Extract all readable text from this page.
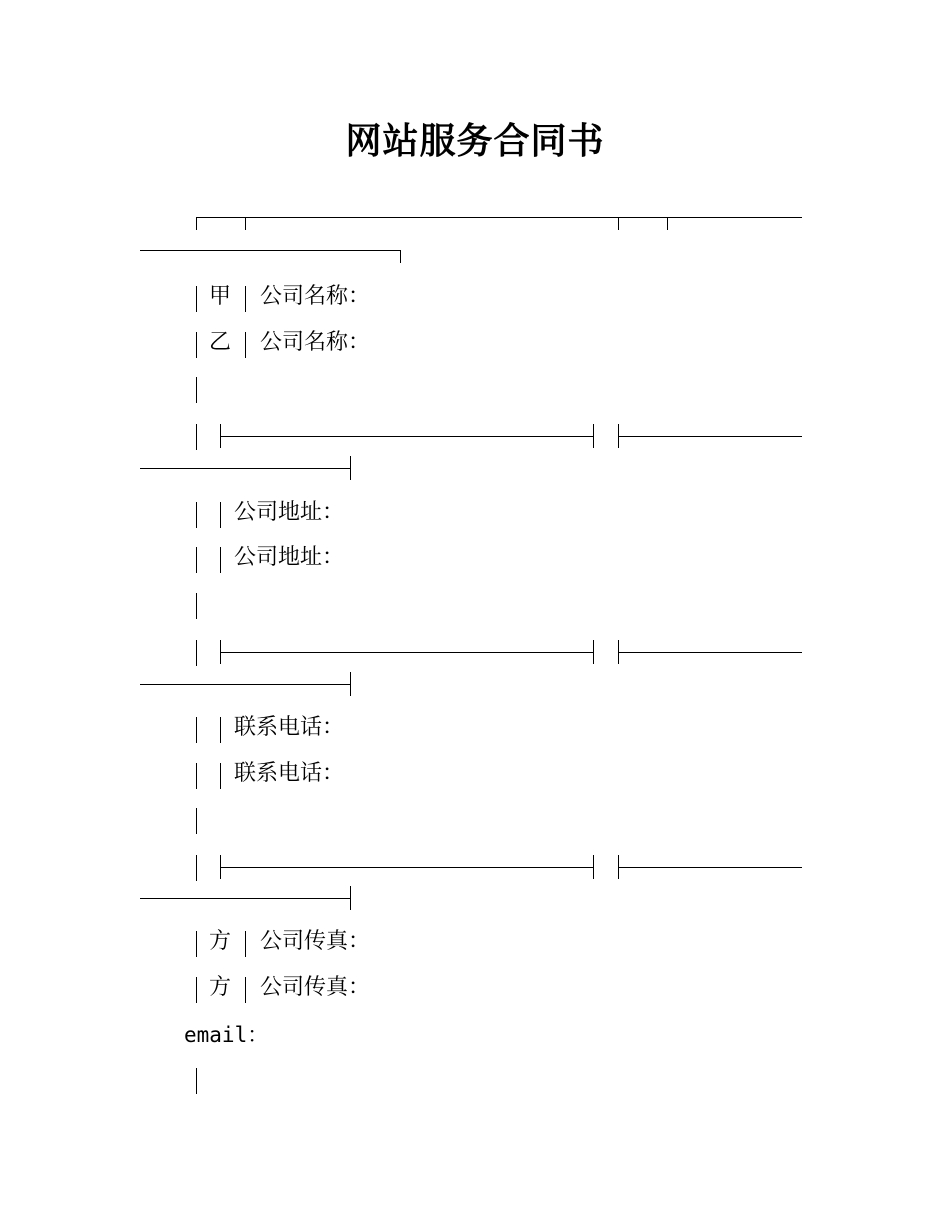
网站服务合同书
甲 公司名称：
乙 公司名称：
公司地址：
公司地址：
联系电话：
联系电话：
方 公司传真：
方 公司传真：
email：
